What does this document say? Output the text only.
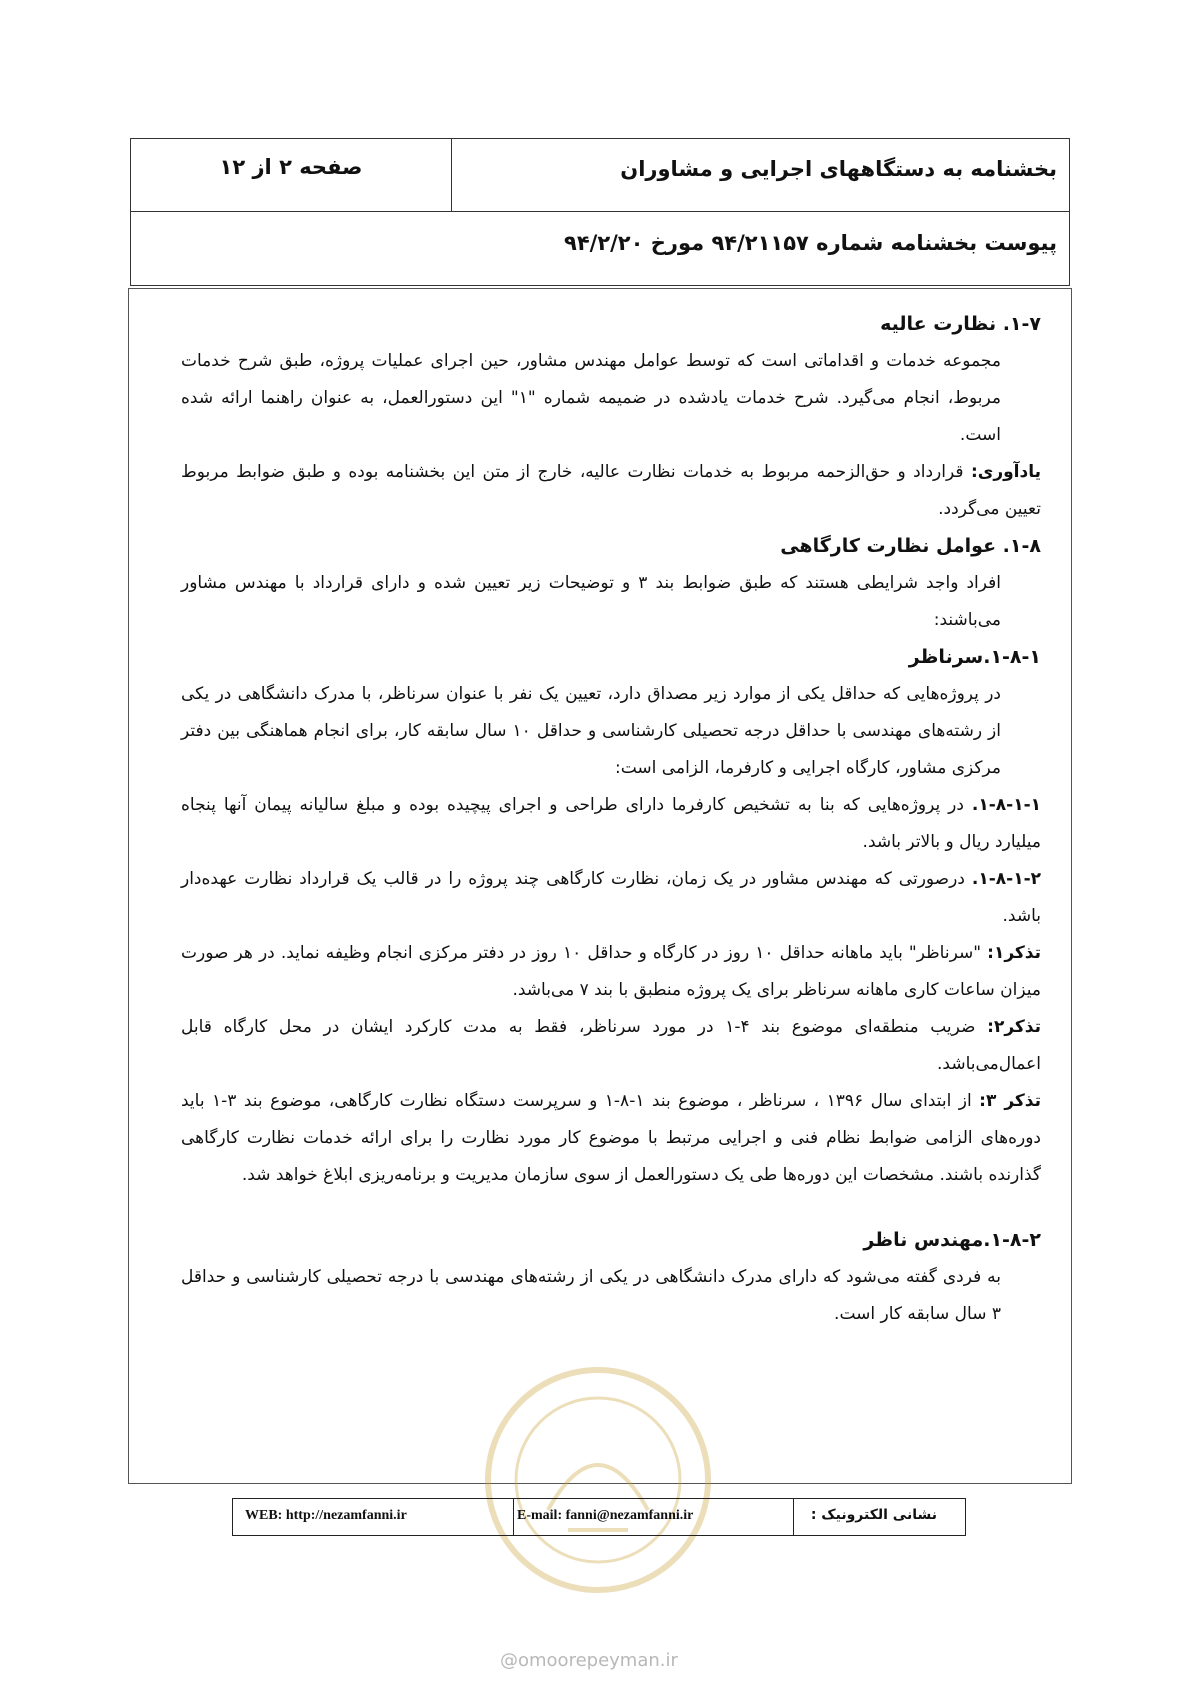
بخشنامه به دستگاههای اجرایی و مشاوران
صفحه ۲ از ۱۲
پیوست بخشنامه شماره ۹۴/۲۱۱۵۷ مورخ ۹۴/۲/۲۰

۱-۷. نظارت عالیه

مجموعه خدمات و اقداماتی است که توسط عوامل مهندس مشاور، حین اجرای عملیات پروژه، طبق شرح خدمات مربوط، انجام می‌گیرد. شرح خدمات یادشده در ضمیمه شماره "۱" این دستورالعمل، به عنوان راهنما ارائه شده است.

یادآوری: قرارداد و حق‌الزحمه مربوط به خدمات نظارت عالیه، خارج از متن این بخشنامه بوده و طبق ضوابط مربوط تعیین می‌گردد.

۱-۸. عوامل نظارت کارگاهی

افراد واجد شرایطی هستند که طبق ضوابط بند ۳ و توضیحات زیر تعیین شده و دارای قرارداد با مهندس مشاور می‌باشند:

۱-۸-۱.سرناظر

در پروژه‌هایی که حداقل یکی از موارد زیر مصداق دارد، تعیین یک نفر با عنوان سرناظر، با مدرک دانشگاهی در یکی از رشته‌های مهندسی با حداقل درجه تحصیلی کارشناسی و حداقل ۱۰ سال سابقه کار، برای انجام هماهنگی بین دفتر مرکزی مشاور، کارگاه اجرایی و کارفرما، الزامی است:

۱-۸-۱-۱. در پروژه‌هایی که بنا به تشخیص کارفرما دارای طراحی و اجرای پیچیده بوده و مبلغ سالیانه پیمان آنها پنجاه میلیارد ریال و بالاتر باشد.

۱-۸-۱-۲. درصورتی که مهندس مشاور در یک زمان، نظارت کارگاهی چند پروژه را در قالب یک قرارداد نظارت عهده‌دار باشد.

تذکر۱: "سرناظر" باید ماهانه حداقل ۱۰ روز در کارگاه و حداقل ۱۰ روز در دفتر مرکزی انجام وظیفه نماید. در هر صورت میزان ساعات کاری ماهانه سرناظر برای یک پروژه منطبق با بند ۷ می‌باشد.

تذکر۲: ضریب منطقه‌ای موضوع بند ۴-۱ در مورد سرناظر، فقط به مدت کارکرد ایشان در محل کارگاه قابل اعمال‌می‌باشد.

تذکر ۳: از ابتدای سال ۱۳۹۶ ، سرناظر ، موضوع بند ۱-۸-۱ و سرپرست دستگاه نظارت کارگاهی، موضوع بند ۳-۱ باید دوره‌های الزامی ضوابط نظام فنی و اجرایی مرتبط با موضوع کار مورد نظارت را برای ارائه خدمات نظارت کارگاهی گذارنده باشند. مشخصات این دوره‌ها طی یک دستورالعمل از سوی سازمان مدیریت و برنامه‌ریزی ابلاغ خواهد شد.

۱-۸-۲.مهندس ناظر

به فردی گفته می‌شود که دارای مدرک دانشگاهی در یکی از رشته‌های مهندسی با درجه تحصیلی کارشناسی و حداقل ۳ سال سابقه کار است.

WEB: http://nezamfanni.ir	E-mail: fanni@nezamfanni.ir	نشانی الکترونیک :
@omoorepeyman.ir
